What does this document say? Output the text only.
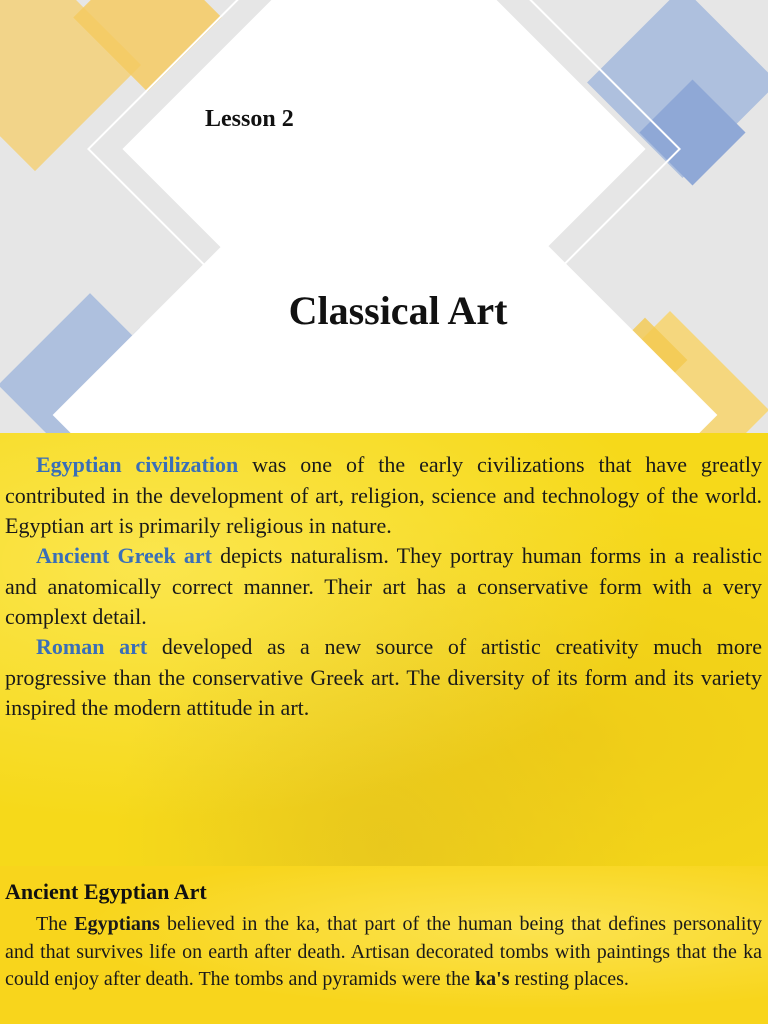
Lesson 2
Classical Art

Egyptian civilization was one of the early civilizations that have greatly contributed in the development of art, religion, science and technology of the world. Egyptian art is primarily religious in nature.

Ancient Greek art depicts naturalism. They portray human forms in a realistic and anatomically correct manner. Their art has a conservative form with a very complext detail.

Roman art developed as a new source of artistic creativity much more progressive than the conservative Greek art. The diversity of its form and its variety inspired the modern attitude in art.

Ancient Egyptian Art

The Egyptians believed in the ka, that part of the human being that defines personality and that survives life on earth after death. Artisan decorated tombs with paintings that the ka could enjoy after death. The tombs and pyramids were the ka's resting places.
